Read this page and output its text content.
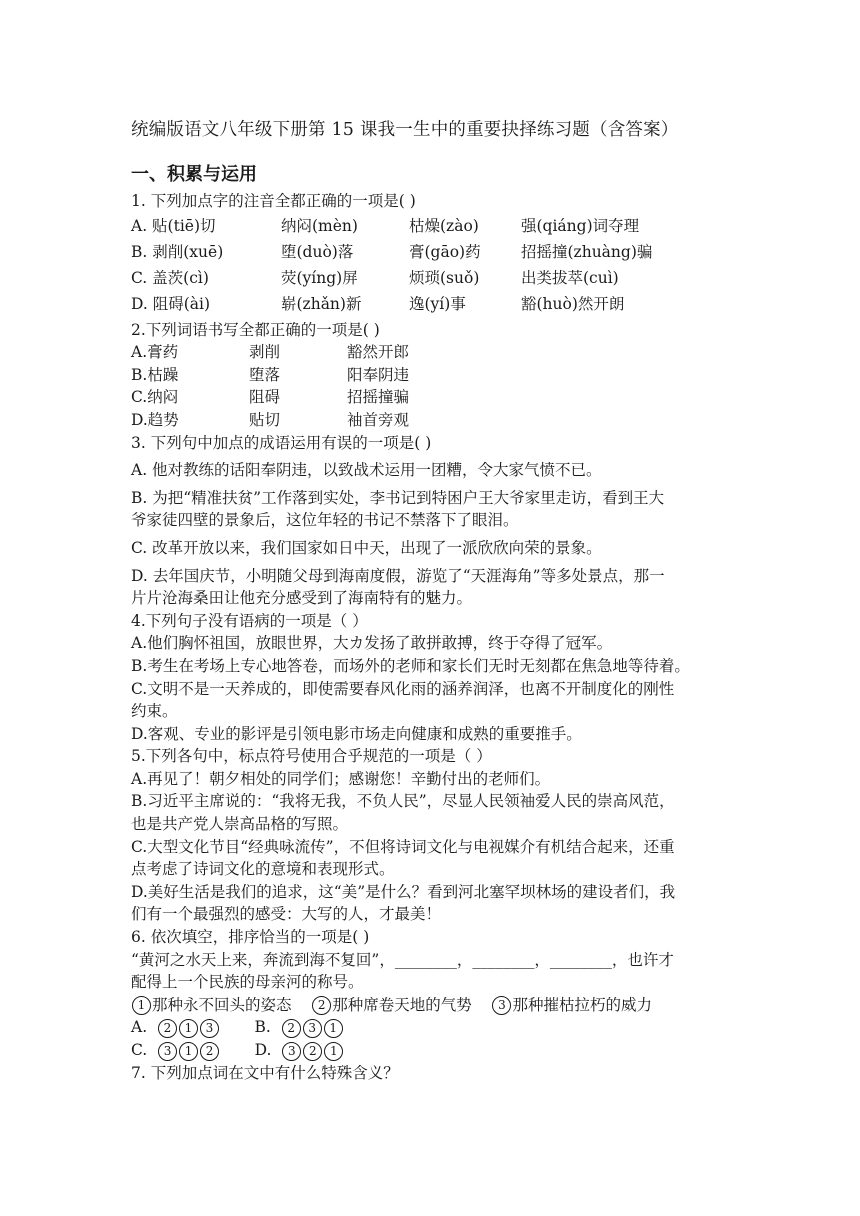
统编版语文八年级下册第 15 课我一生中的重要抉择练习题（含答案）
一、积累与运用
1. 下列加点字的注音全都正确的一项是( )
A. 贴(tiē)切	纳闷(mèn)	枯燥(zào)	强(qiáng)词夺理
B. 剥削(xuē)	堕(duò)落	膏(gāo)药	招摇撞(zhuàng)骗
C. 盖茨(cì)	荧(yíng)屏	烦琐(suǒ)	出类拔萃(cuì)
D. 阻碍(ài)	崭(zhǎn)新	逸(yí)事	豁(huò)然开朗
2.下列词语书写全都正确的一项是( )
A.膏药	剥削	豁然开郎
B.枯躁	堕落	阳奉阴违
C.纳闷	阻碍	招摇撞骗
D.趋势	贴切	袖首旁观
3. 下列句中加点的成语运用有误的一项是( )
A. 他对教练的话阳奉阴违，以致战术运用一团糟，令大家气愤不已。
B. 为把“精准扶贫”工作落到实处，李书记到特困户王大爷家里走访，看到王大
爷家徒四壁的景象后，这位年轻的书记不禁落下了眼泪。
C. 改革开放以来，我们国家如日中天，出现了一派欣欣向荣的景象。
D. 去年国庆节，小明随父母到海南度假，游览了“天涯海角”等多处景点，那一
片片沧海桑田让他充分感受到了海南特有的魅力。
4.下列句子没有语病的一项是（ ）
A.他们胸怀祖国，放眼世界，大カ发扬了敢拼敢搏，终于夺得了冠军。
B.考生在考场上专心地答卷，而场外的老师和家长们无时无刻都在焦急地等待着。
C.文明不是一天养成的，即使需要春风化雨的涵养润泽，也离不开制度化的刚性
约束。
D.客观、专业的影评是引领电影市场走向健康和成熟的重要推手。
5.下列各句中，标点符号使用合乎规范的一项是（ ）
A.再见了！朝夕相处的同学们；感谢您！辛勤付出的老师们。
B.习近平主席说的：“我将无我，不负人民”，尽显人民领袖爱人民的崇高风范，
也是共产党人崇高品格的写照。
C.大型文化节目“经典咏流传”，不但将诗词文化与电视媒介有机结合起来，还重
点考虑了诗词文化的意境和表现形式。
D.美好生活是我们的追求，这“美”是什么？看到河北塞罕坝林场的建设者们，我
们有一个最强烈的感受：大写的人，才最美！
6. 依次填空，排序恰当的一项是( )
“黄河之水天上来，奔流到海不复回”，________，________，________，也许才
配得上一个民族的母亲河的称号。
1 那种永不回头的姿态 2 那种席卷天地的气势 3 那种摧枯拉朽的威力
A. 2 1 3	B. 2 3 1
C. 3 1 2	D. 3 2 1
7. 下列加点词在文中有什么特殊含义？
